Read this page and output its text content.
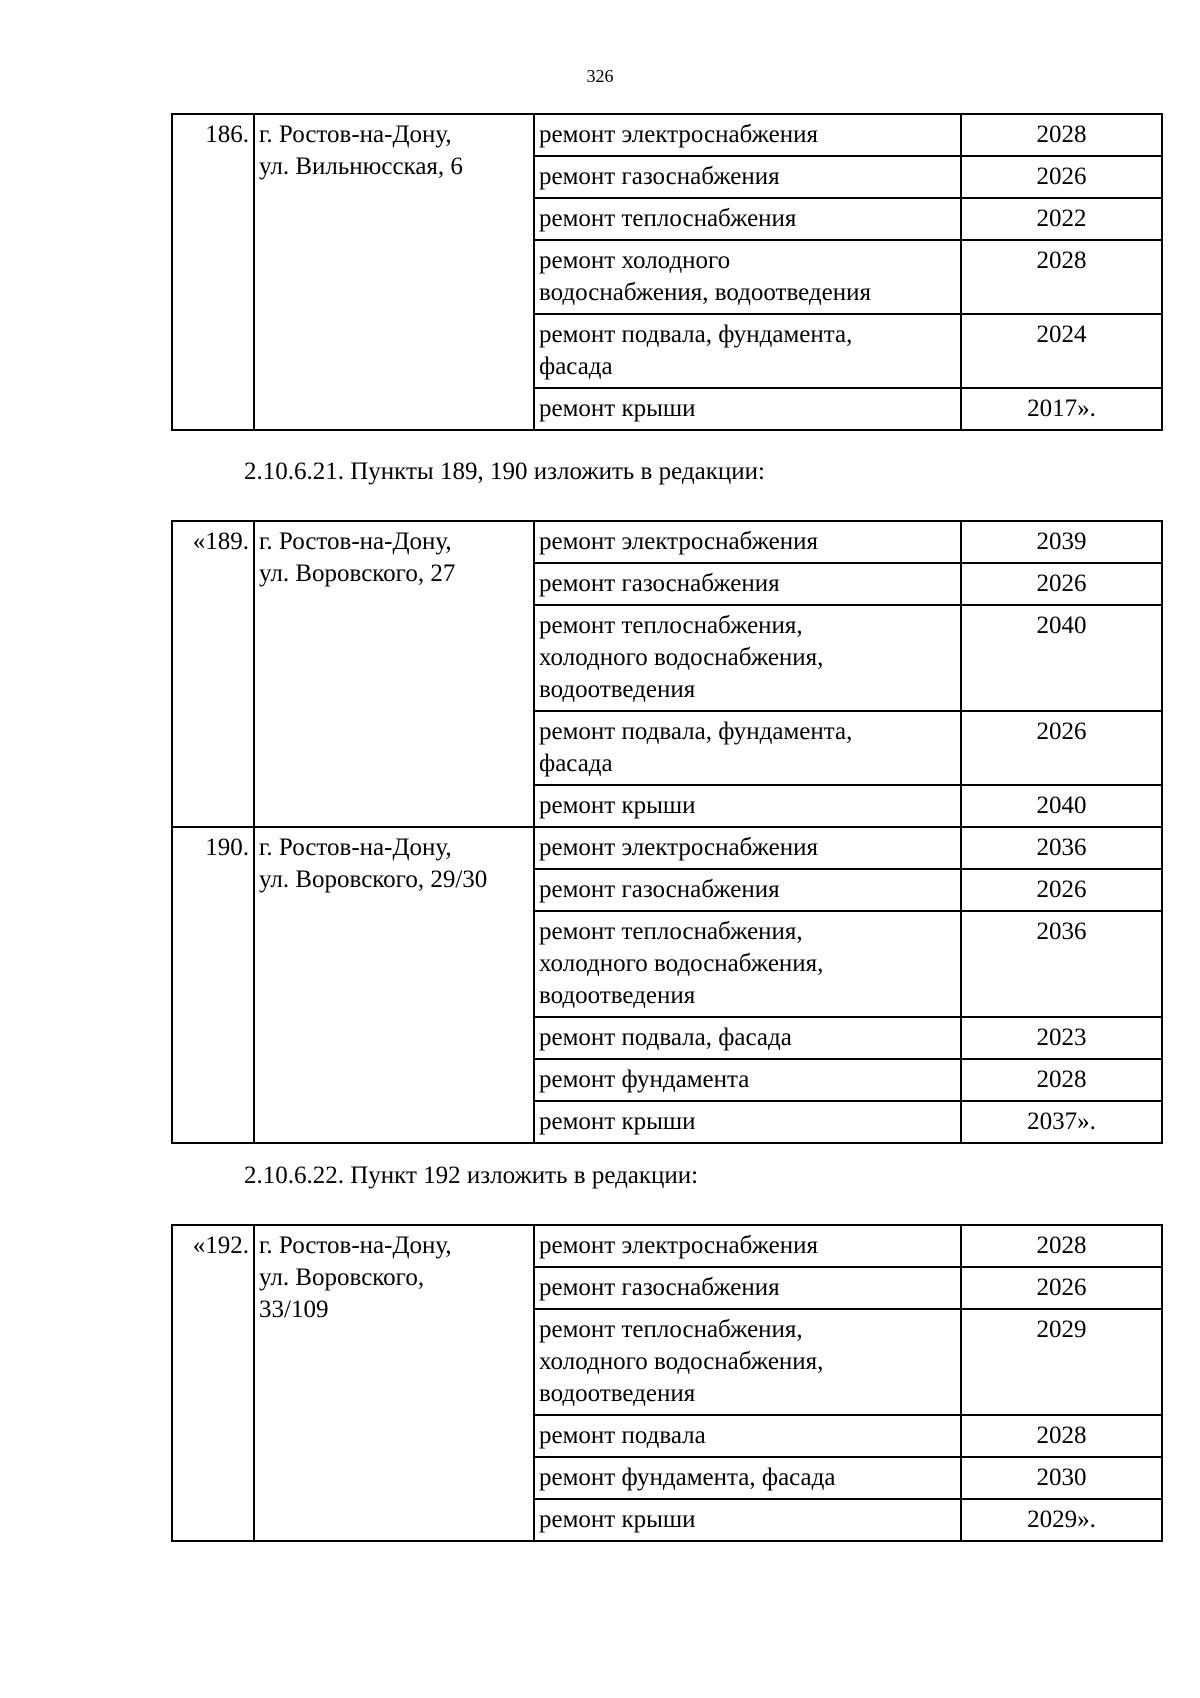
326
186.	г. Ростов-на-Дону,
ул. Вильнюсская, 6	ремонт электроснабжения	2028
		ремонт газоснабжения	2026
		ремонт теплоснабжения	2022
		ремонт холодного
водоснабжения, водоотведения	2028
		ремонт подвала, фундамента,
фасада	2024
		ремонт крыши	2017».
2.10.6.21. Пункты 189, 190 изложить в редакции:
«189.	г. Ростов-на-Дону,
ул. Воровского, 27	ремонт электроснабжения	2039
		ремонт газоснабжения	2026
		ремонт теплоснабжения,
холодного водоснабжения,
водоотведения	2040
		ремонт подвала, фундамента,
фасада	2026
		ремонт крыши	2040
190.	г. Ростов-на-Дону,
ул. Воровского, 29/30	ремонт электроснабжения	2036
		ремонт газоснабжения	2026
		ремонт теплоснабжения,
холодного водоснабжения,
водоотведения	2036
		ремонт подвала, фасада	2023
		ремонт фундамента	2028
		ремонт крыши	2037».
2.10.6.22. Пункт 192 изложить в редакции:
«192.	г. Ростов-на-Дону,
ул. Воровского,
33/109	ремонт электроснабжения	2028
		ремонт газоснабжения	2026
		ремонт теплоснабжения,
холодного водоснабжения,
водоотведения	2029
		ремонт подвала	2028
		ремонт фундамента, фасада	2030
		ремонт крыши	2029».
